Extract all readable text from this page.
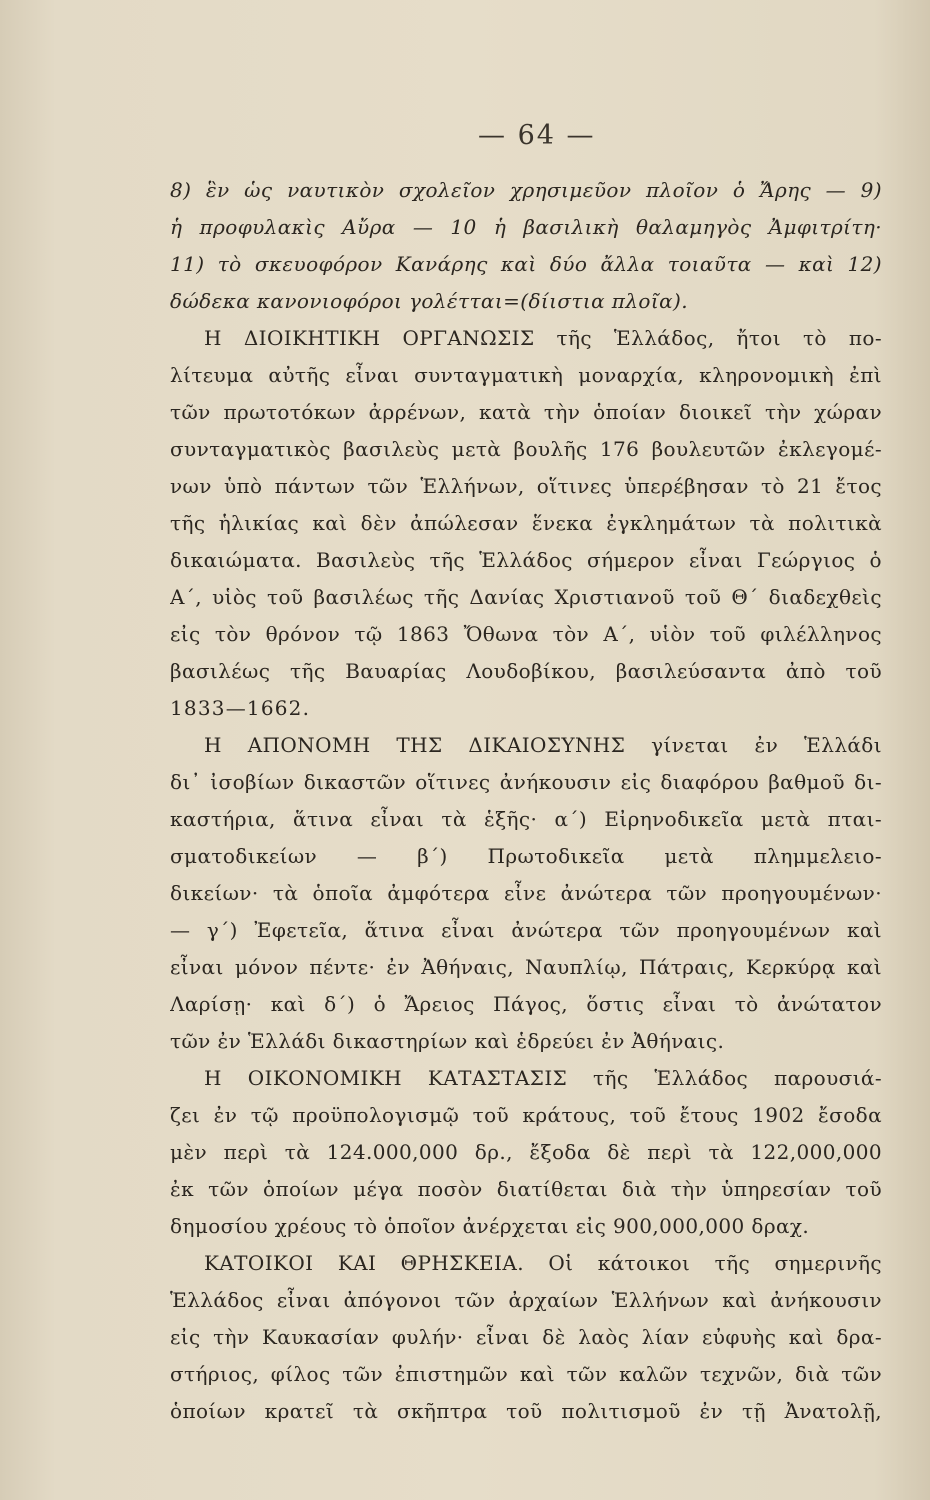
— 64 —
8) ἓν ὡς ναυτικὸν σχολεῖον χρησιμεῦον πλοῖον ὁ Ἄρης — 9)
ἡ προφυλακὶς Αὔρα — 10 ἡ βασιλικὴ θαλαμηγὸς Ἀμφιτρίτη·
11) τὸ σκευοφόρον Κανάρης καὶ δύο ἄλλα τοιαῦτα — καὶ 12)
δώδεκα κανονιοφόροι γολέτται=(δίιστια πλοῖα).
Η ΔΙΟΙΚΗΤΙΚΗ ΟΡΓΑΝΩΣΙΣ τῆς Ἑλλάδος, ἤτοι τὸ πο-
λίτευμα αὐτῆς εἶναι συνταγματικὴ μοναρχία, κληρονομικὴ ἐπὶ
τῶν πρωτοτόκων ἀρρένων, κατὰ τὴν ὁποίαν διοικεῖ τὴν χώραν
συνταγματικὸς βασιλεὺς μετὰ βουλῆς 176 βουλευτῶν ἐκλεγομέ-
νων ὑπὸ πάντων τῶν Ἑλλήνων, οἵτινες ὑπερέβησαν τὸ 21 ἔτος
τῆς ἡλικίας καὶ δὲν ἀπώλεσαν ἕνεκα ἐγκλημάτων τὰ πολιτικὰ
δικαιώματα. Βασιλεὺς τῆς Ἑλλάδος σήμερον εἶναι Γεώργιος ὁ
Α΄, υἱὸς τοῦ βασιλέως τῆς Δανίας Χριστιανοῦ τοῦ Θ΄ διαδεχθεὶς
εἰς τὸν θρόνον τῷ 1863 Ὄθωνα τὸν Α΄, υἱὸν τοῦ φιλέλληνος
βασιλέως τῆς Βαυαρίας Λουδοβίκου, βασιλεύσαντα ἀπὸ τοῦ
1833—1662.
Η ΑΠΟΝΟΜΗ ΤΗΣ ΔΙΚΑΙΟΣΥΝΗΣ γίνεται ἐν Ἑλλάδι
δι᾽ ἰσοβίων δικαστῶν οἵτινες ἀνήκουσιν εἰς διαφόρου βαθμοῦ δι-
καστήρια, ἅτινα εἶναι τὰ ἑξῆς· α΄) Εἰρηνοδικεῖα μετὰ πται-
σματοδικείων — β΄) Πρωτοδικεῖα μετὰ πλημμελειο-
δικείων· τὰ ὁποῖα ἀμφότερα εἶνε ἀνώτερα τῶν προηγουμένων·
— γ΄) Ἐφετεῖα, ἅτινα εἶναι ἀνώτερα τῶν προηγουμένων καὶ
εἶναι μόνον πέντε· ἐν Ἀθήναις, Ναυπλίῳ, Πάτραις, Κερκύρᾳ καὶ
Λαρίσῃ· καὶ δ΄) ὁ Ἄρειος Πάγος, ὅστις εἶναι τὸ ἀνώτατον
τῶν ἐν Ἑλλάδι δικαστηρίων καὶ ἑδρεύει ἐν Ἀθήναις.
Η ΟΙΚΟΝΟΜΙΚΗ ΚΑΤΑΣΤΑΣΙΣ τῆς Ἑλλάδος παρουσιά-
ζει ἐν τῷ προϋπολογισμῷ τοῦ κράτους, τοῦ ἔτους 1902 ἔσοδα
μὲν περὶ τὰ 124.000,000 δρ., ἔξοδα δὲ περὶ τὰ 122,000,000
ἐκ τῶν ὁποίων μέγα ποσὸν διατίθεται διὰ τὴν ὑπηρεσίαν τοῦ
δημοσίου χρέους τὸ ὁποῖον ἀνέρχεται εἰς 900,000,000 δραχ.
ΚΑΤΟΙΚΟΙ ΚΑΙ ΘΡΗΣΚΕΙΑ. Οἱ κάτοικοι τῆς σημερινῆς
Ἑλλάδος εἶναι ἀπόγονοι τῶν ἀρχαίων Ἑλλήνων καὶ ἀνήκουσιν
εἰς τὴν Καυκασίαν φυλήν· εἶναι δὲ λαὸς λίαν εὐφυὴς καὶ δρα-
στήριος, φίλος τῶν ἐπιστημῶν καὶ τῶν καλῶν τεχνῶν, διὰ τῶν
ὁποίων κρατεῖ τὰ σκῆπτρα τοῦ πολιτισμοῦ ἐν τῇ Ἀνατολῇ,
